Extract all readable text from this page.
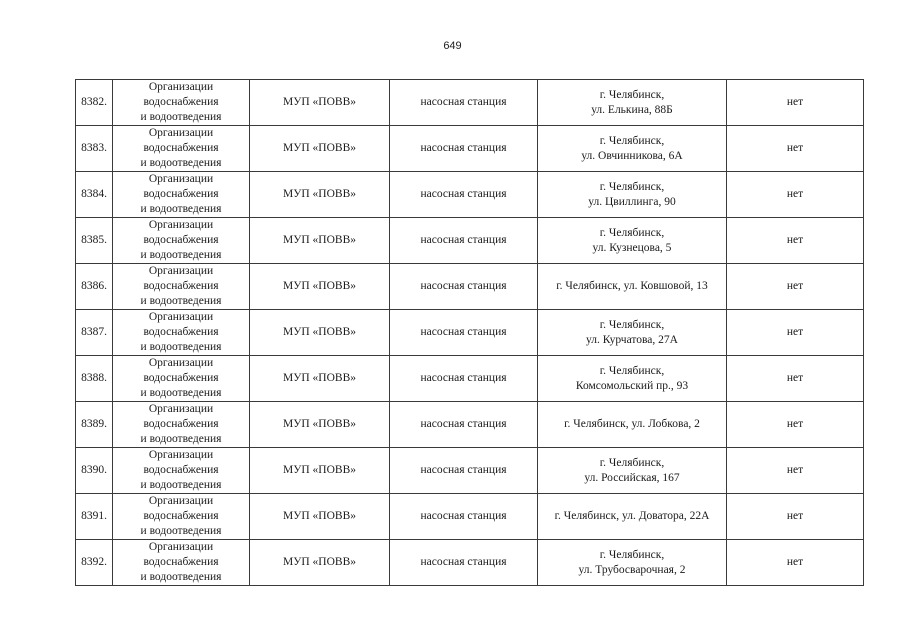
649
8382.	Организации
водоснабжения
и водоотведения	МУП «ПОВВ»	насосная станция	г. Челябинск,
ул. Елькина, 88Б	нет
8383.	Организации
водоснабжения
и водоотведения	МУП «ПОВВ»	насосная станция	г. Челябинск,
ул. Овчинникова, 6А	нет
8384.	Организации
водоснабжения
и водоотведения	МУП «ПОВВ»	насосная станция	г. Челябинск,
ул. Цвиллинга, 90	нет
8385.	Организации
водоснабжения
и водоотведения	МУП «ПОВВ»	насосная станция	г. Челябинск,
ул. Кузнецова, 5	нет
8386.	Организации
водоснабжения
и водоотведения	МУП «ПОВВ»	насосная станция	г. Челябинск, ул. Ковшовой, 13	нет
8387.	Организации
водоснабжения
и водоотведения	МУП «ПОВВ»	насосная станция	г. Челябинск,
ул. Курчатова, 27А	нет
8388.	Организации
водоснабжения
и водоотведения	МУП «ПОВВ»	насосная станция	г. Челябинск,
Комсомольский пр., 93	нет
8389.	Организации
водоснабжения
и водоотведения	МУП «ПОВВ»	насосная станция	г. Челябинск, ул. Лобкова, 2	нет
8390.	Организации
водоснабжения
и водоотведения	МУП «ПОВВ»	насосная станция	г. Челябинск,
ул. Российская, 167	нет
8391.	Организации
водоснабжения
и водоотведения	МУП «ПОВВ»	насосная станция	г. Челябинск, ул. Доватора, 22А	нет
8392.	Организации
водоснабжения
и водоотведения	МУП «ПОВВ»	насосная станция	г. Челябинск,
ул. Трубосварочная, 2	нет
